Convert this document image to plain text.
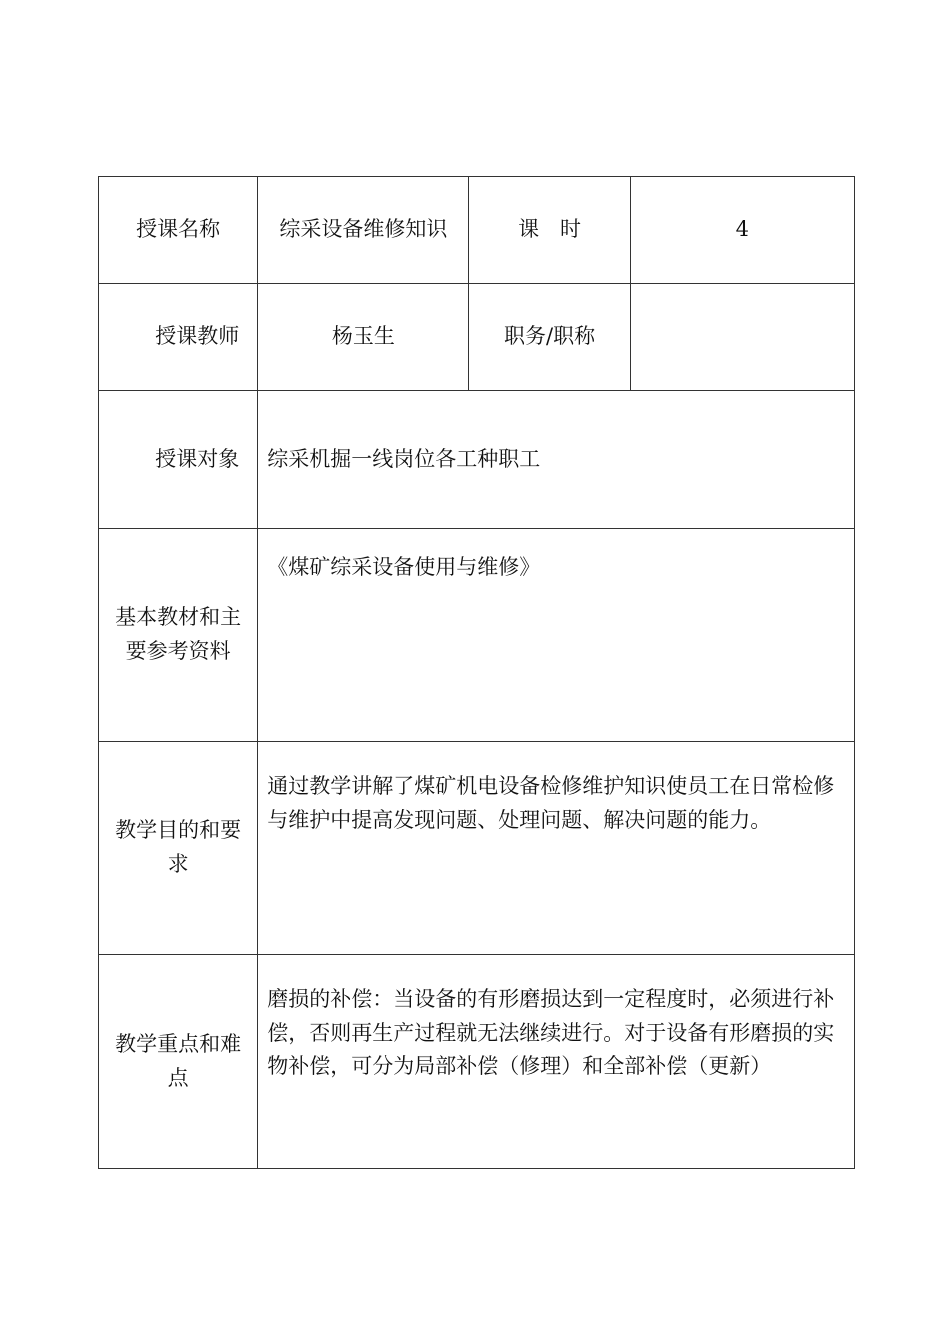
授课名称	综采设备维修知识	课　时	4
授课教师	杨玉生	职务/职称	
授课对象	综采机掘一线岗位各工种职工		
基本教材和主要参考资料	《煤矿综采设备使用与维修》		
教学目的和要求	通过教学讲解了煤矿机电设备检修维护知识使员工在日常检修与维护中提高发现问题、处理问题、解决问题的能力。		
教学重点和难点	磨损的补偿：当设备的有形磨损达到一定程度时，必须进行补偿，否则再生产过程就无法继续进行。对于设备有形磨损的实物补偿，可分为局部补偿（修理）和全部补偿（更新）		
